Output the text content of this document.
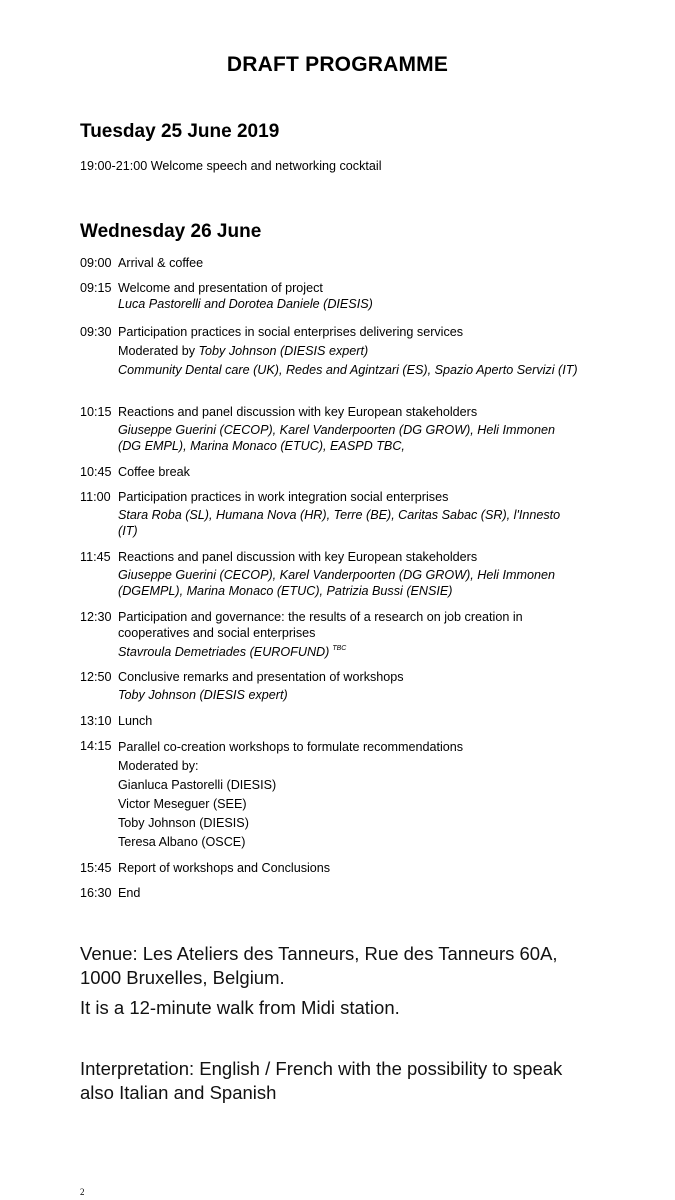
DRAFT PROGRAMME
Tuesday 25 June 2019
19:00-21:00 Welcome speech and networking cocktail
Wednesday 26 June
09:00 Arrival & coffee
09:15 Welcome and presentation of project
Luca Pastorelli and Dorotea Daniele (DIESIS)
09:30 Participation practices in social enterprises delivering services
Moderated by Toby Johnson (DIESIS expert)
Community Dental care (UK), Redes and Agintzari (ES), Spazio Aperto Servizi (IT)
10:15 Reactions and panel discussion with key European stakeholders
Giuseppe Guerini (CECOP), Karel Vanderpoorten (DG GROW), Heli Immonen (DG EMPL), Marina Monaco (ETUC), EASPD TBC,
10:45 Coffee break
11:00 Participation practices in work integration social enterprises
Stara Roba (SL), Humana Nova (HR), Terre (BE), Caritas Sabac (SR), l'Innesto (IT)
11:45 Reactions and panel discussion with key European stakeholders
Giuseppe Guerini (CECOP), Karel Vanderpoorten (DG GROW), Heli Immonen (DGEMPL), Marina Monaco (ETUC), Patrizia Bussi (ENSIE)
12:30 Participation and governance: the results of a research on job creation in cooperatives and social enterprises
Stavroula Demetriades (EUROFUND) $^{TBC}$
12:50 Conclusive remarks and presentation of workshops
Toby Johnson (DIESIS expert)
13:10 Lunch
14:15 Parallel co-creation workshops to formulate recommendations
Moderated by:
Gianluca Pastorelli (DIESIS)
Victor Meseguer (SEE)
Toby Johnson (DIESIS)
Teresa Albano (OSCE)
15:45 Report of workshops and Conclusions
16:30 End
Venue: Les Ateliers des Tanneurs, Rue des Tanneurs 60A, 1000 Bruxelles, Belgium.
It is a 12-minute walk from Midi station.
Interpretation: English / French with the possibility to speak also Italian and Spanish
2
